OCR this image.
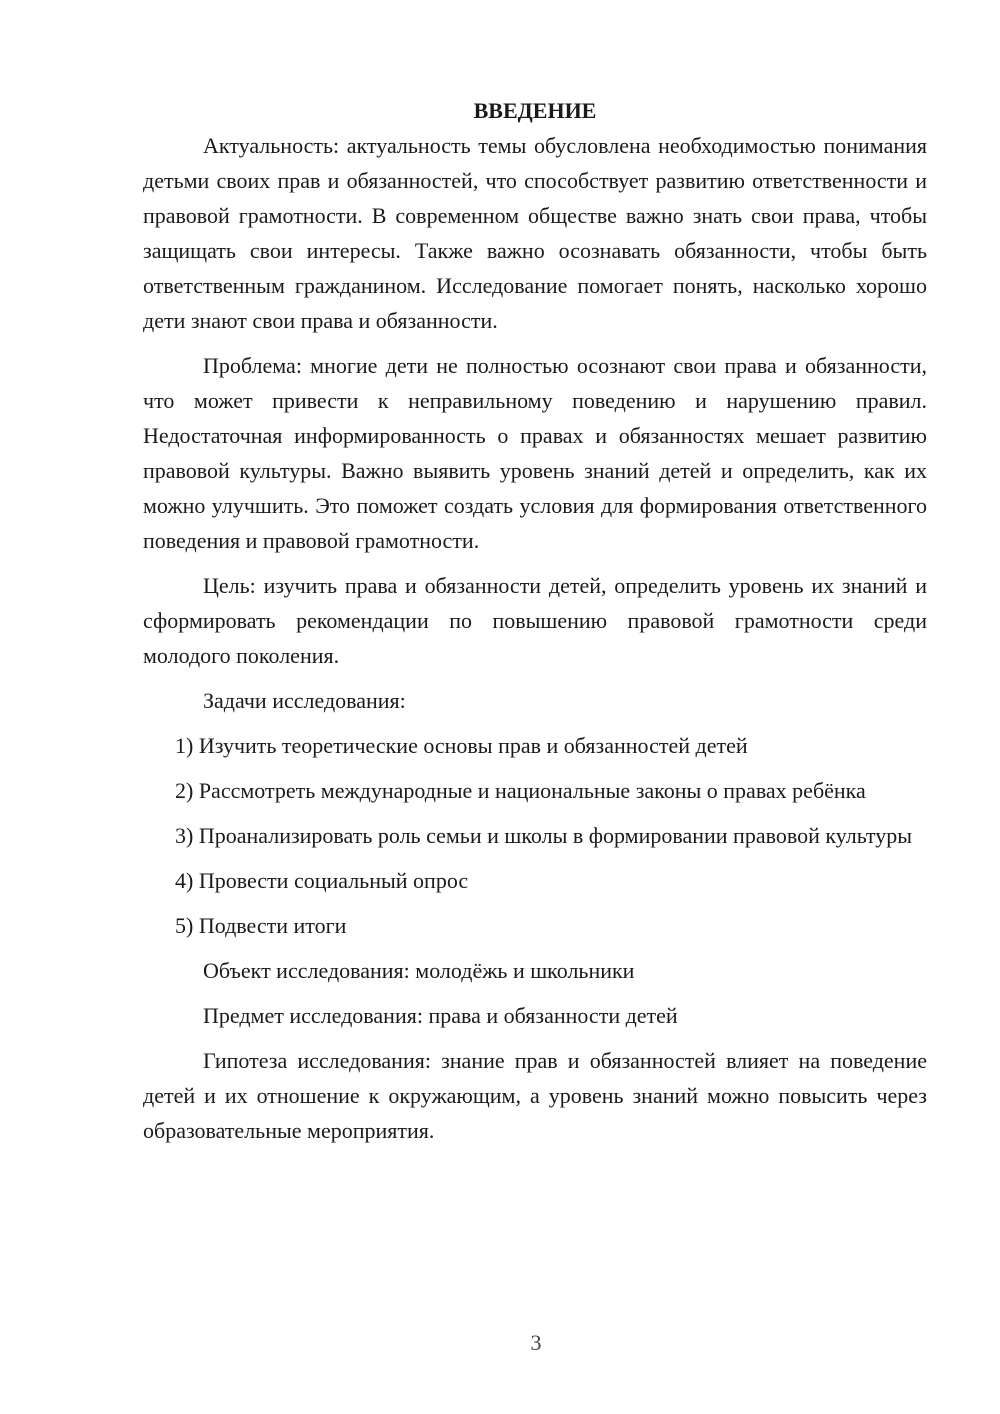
ВВЕДЕНИЕ

Актуальность: актуальность темы обусловлена необходимостью понимания детьми своих прав и обязанностей, что способствует развитию ответственности и правовой грамотности. В современном обществе важно знать свои права, чтобы защищать свои интересы. Также важно осознавать обязанности, чтобы быть ответственным гражданином. Исследование помогает понять, насколько хорошо дети знают свои права и обязанности.

Проблема: многие дети не полностью осознают свои права и обязанности, что может привести к неправильному поведению и нарушению правил. Недостаточная информированность о правах и обязанностях мешает развитию правовой культуры. Важно выявить уровень знаний детей и определить, как их можно улучшить. Это поможет создать условия для формирования ответственного поведения и правовой грамотности.

Цель: изучить права и обязанности детей, определить уровень их знаний и сформировать рекомендации по повышению правовой грамотности среди молодого поколения.

Задачи исследования:

1) Изучить теоретические основы прав и обязанностей детей

2) Рассмотреть международные и национальные законы о правах ребёнка

3) Проанализировать роль семьи и школы в формировании правовой культуры

4) Провести социальный опрос

5) Подвести итоги

Объект исследования: молодёжь и школьники

Предмет исследования: права и обязанности детей

Гипотеза исследования: знание прав и обязанностей влияет на поведение детей и их отношение к окружающим, а уровень знаний можно повысить через образовательные мероприятия.

3
